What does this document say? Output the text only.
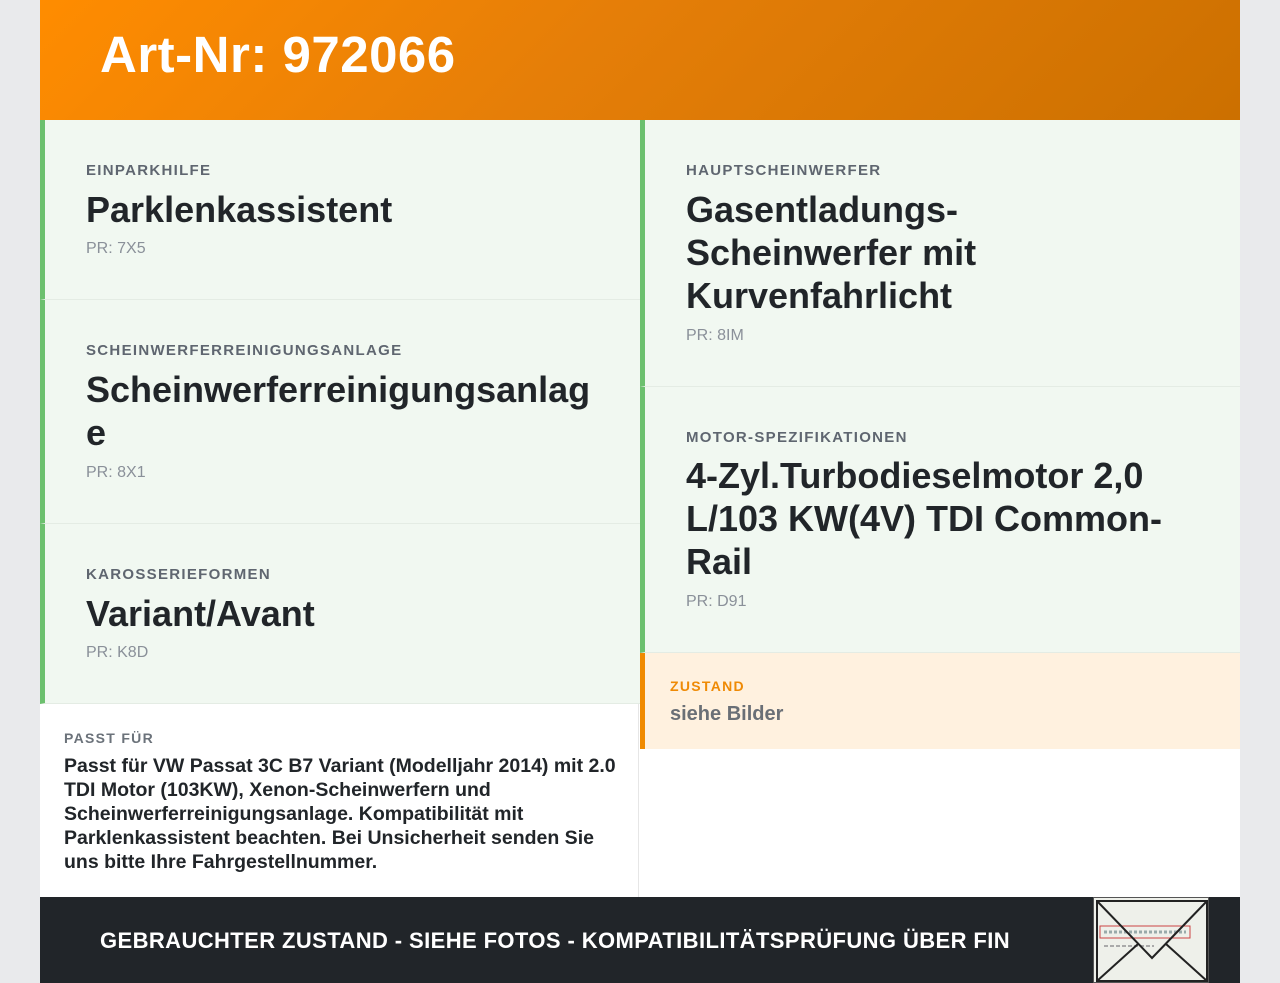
Art-Nr: 972066
EINPARKHILFE
Parklenkassistent
PR: 7X5
SCHEINWERFERREINIGUNGSANLAGE
Scheinwerferreinigungsanlage
PR: 8X1
KAROSSERIEFORMEN
Variant/Avant
PR: K8D
HAUPTSCHEINWERFER
Gasentladungs-Scheinwerfer mit Kurvenfahrlicht
PR: 8IM
MOTOR-SPEZIFIKATIONEN
4-Zyl.Turbodieselmotor 2,0 L/103 KW(4V) TDI Common-Rail
PR: D91
PASST FÜR

Passt für VW Passat 3C B7 Variant (Modelljahr 2014) mit 2.0 TDI Motor (103KW), Xenon-Scheinwerfern und Scheinwerferreinigungsanlage. Kompatibilität mit Parklenkassistent beachten. Bei Unsicherheit senden Sie uns bitte Ihre Fahrgestellnummer.

ZUSTAND
siehe Bilder
GEBRAUCHTER ZUSTAND - SIEHE FOTOS - KOMPATIBILITÄTSPRÜFUNG ÜBER FIN
